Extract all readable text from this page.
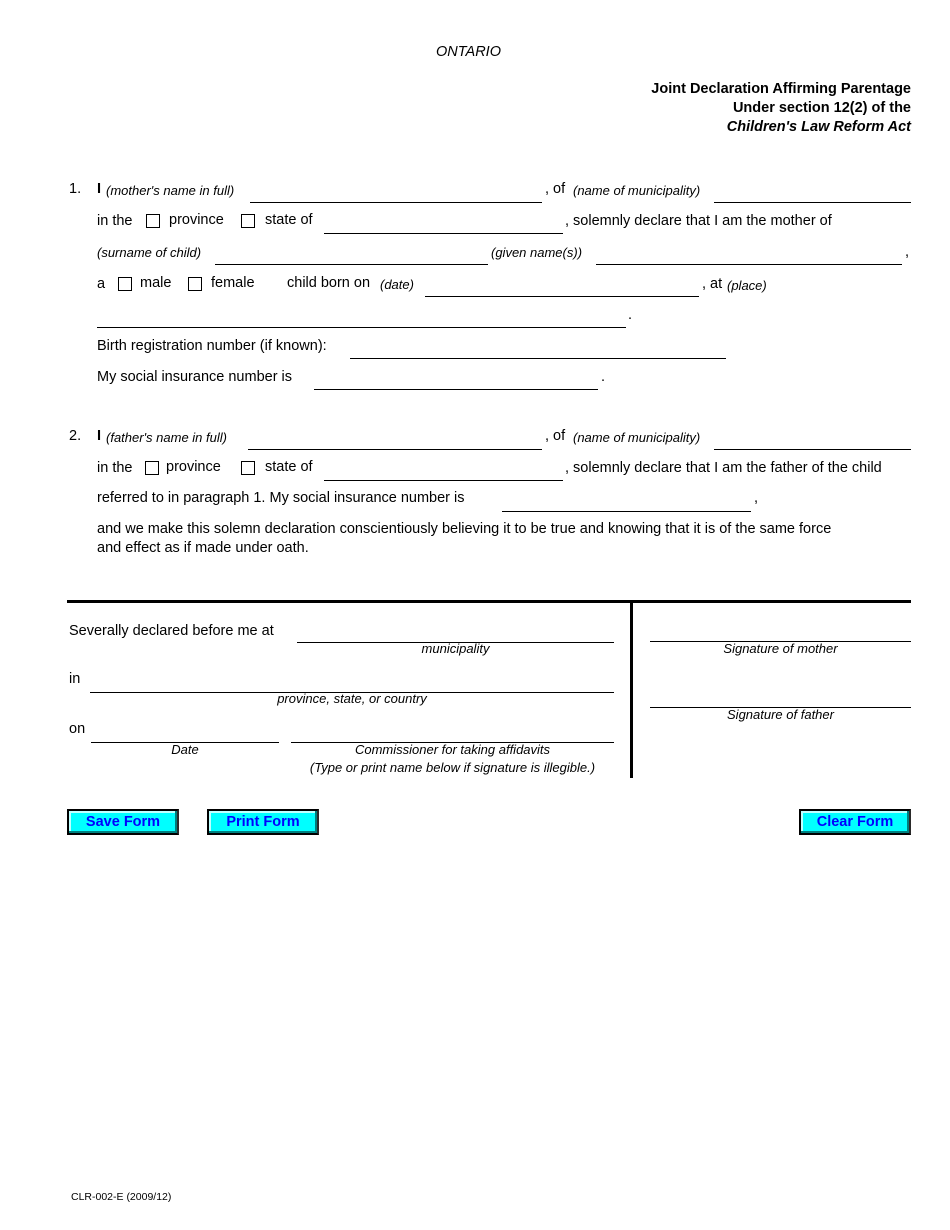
ONTARIO
Joint Declaration Affirming Parentage
Under section 12(2) of the
Children's Law Reform Act
1. I (mother's name in full)	, of (name of municipality)
in the	province	state of	, solemnly declare that I am the mother of
(surname of child)	(given name(s))	,
a male	female child born on (date)	, at (place)
.
Birth registration number (if known):
My social insurance number is	.
2. I (father's name in full)	, of (name of municipality)
in the province	state of	, solemnly declare that I am the father of the child
referred to in paragraph 1. My social insurance number is	,
and we make this solemn declaration conscientiously believing it to be true and knowing that it is of the same force
and effect as if made under oath.
Severally declared before me at
municipality
in
province, state, or country
on
Date	Commissioner for taking affidavits
(Type or print name below if signature is illegible.)
Signature of mother
Signature of father
Save Form	Print Form	Clear Form
CLR-002-E (2009/12)
